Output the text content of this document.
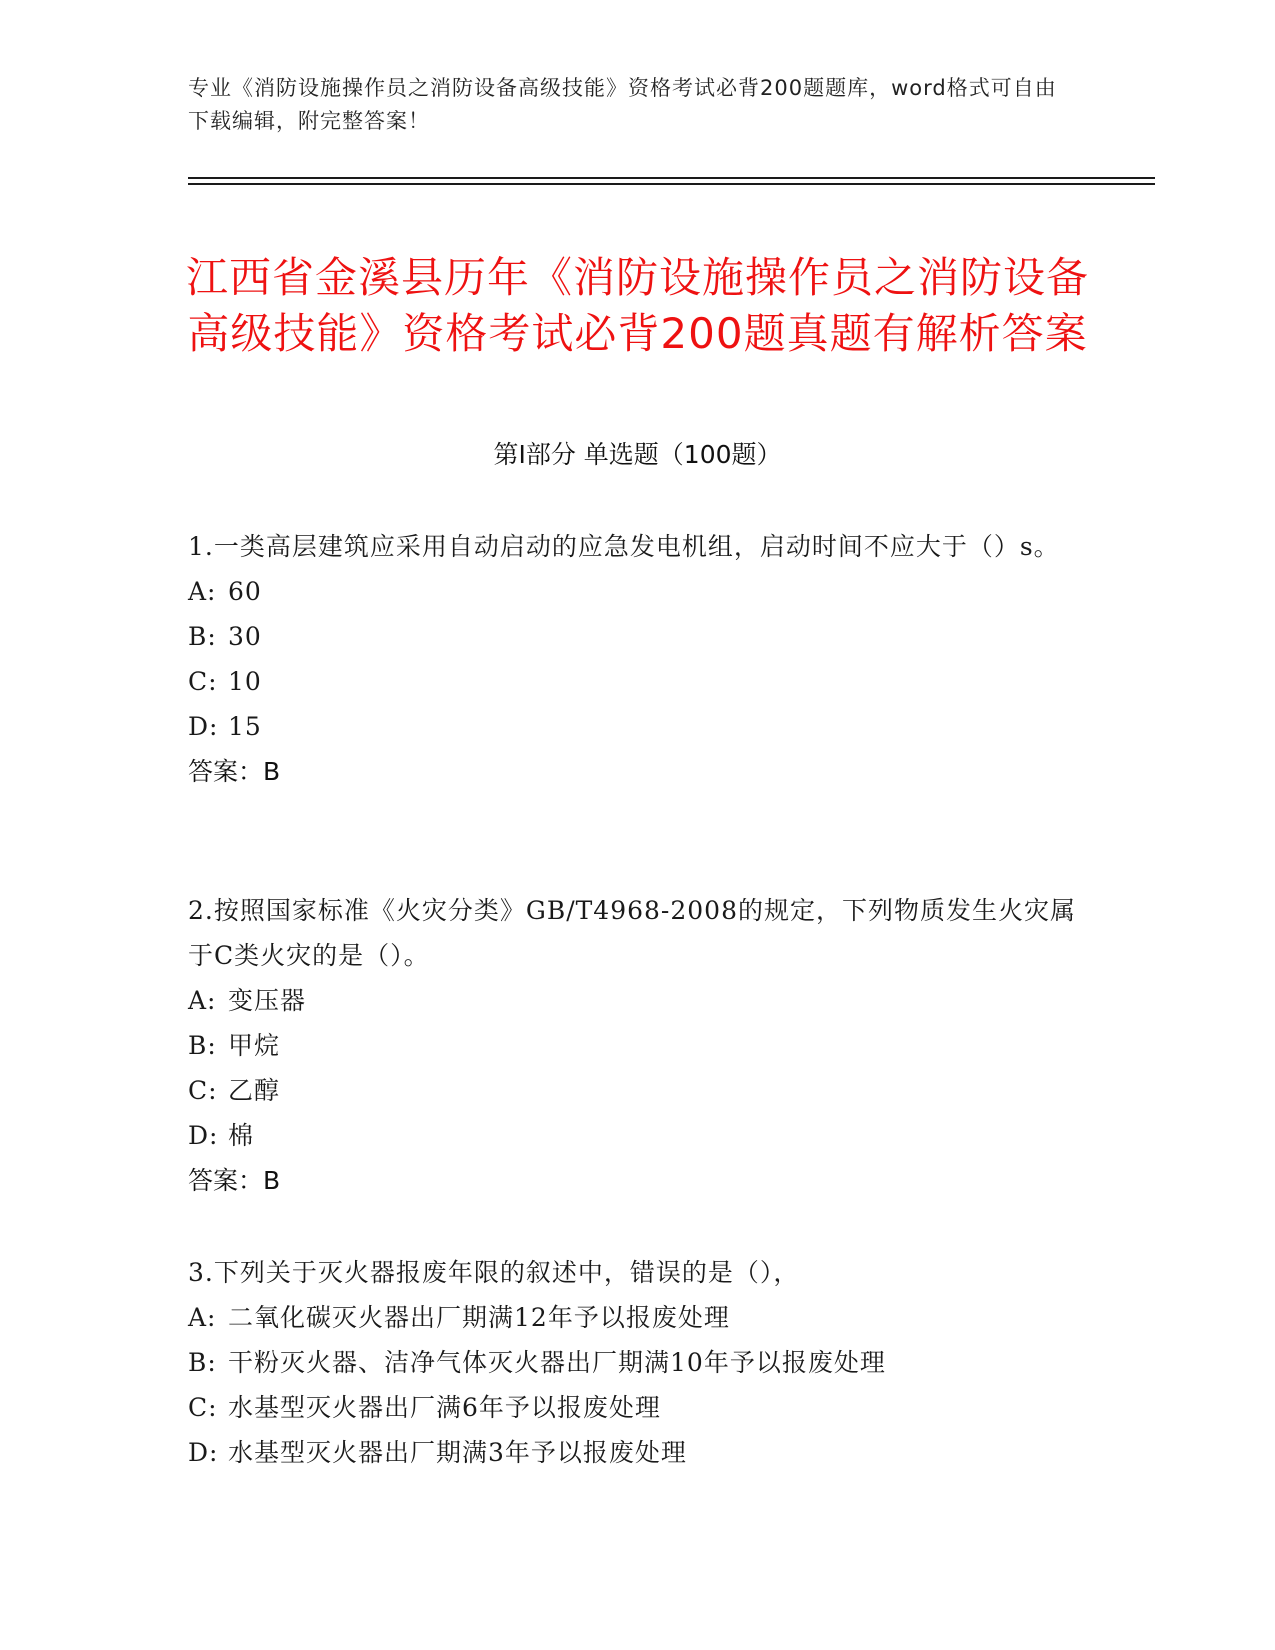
专业《消防设施操作员之消防设备高级技能》资格考试必背200题题库，word格式可自由下载编辑，附完整答案！
江西省金溪县历年《消防设施操作员之消防设备高级技能》资格考试必背200题真题有解析答案
第Ⅰ部分 单选题（100题）
1.一类高层建筑应采用自动启动的应急发电机组，启动时间不应大于（）s。
A: 60
B: 30
C: 10
D: 15
答案：B
2.按照国家标准《火灾分类》GB/T4968-2008的规定，下列物质发生火灾属于C类火灾的是（）。
A: 变压器
B: 甲烷
C: 乙醇
D: 棉
答案：B
3.下列关于灭火器报废年限的叙述中，错误的是（），
A: 二氧化碳灭火器出厂期满12年予以报废处理
B: 干粉灭火器、洁净气体灭火器出厂期满10年予以报废处理
C: 水基型灭火器出厂满6年予以报废处理
D: 水基型灭火器出厂期满3年予以报废处理
